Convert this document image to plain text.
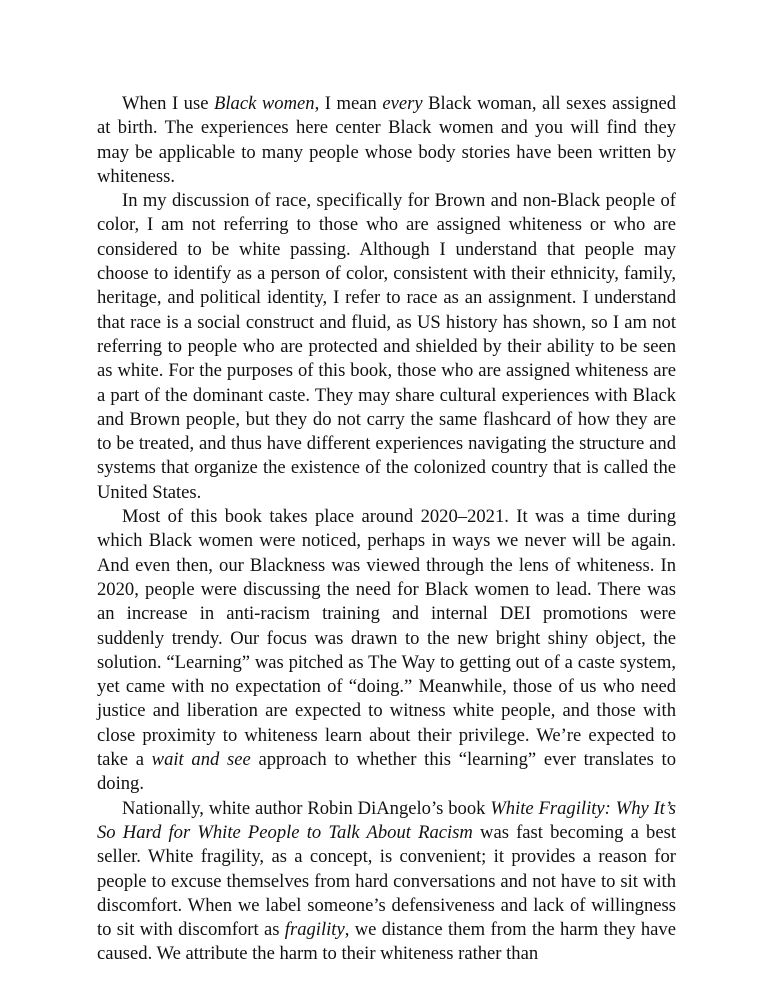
When I use Black women, I mean every Black woman, all sexes assigned at birth. The experiences here center Black women and you will find they may be applicable to many people whose body stories have been written by whiteness.

In my discussion of race, specifically for Brown and non-Black people of color, I am not referring to those who are assigned whiteness or who are considered to be white passing. Although I understand that people may choose to identify as a person of color, consistent with their ethnicity, family, heritage, and political identity, I refer to race as an assignment. I understand that race is a social construct and fluid, as US history has shown, so I am not referring to people who are protected and shielded by their ability to be seen as white. For the purposes of this book, those who are assigned whiteness are a part of the dominant caste. They may share cultural experiences with Black and Brown people, but they do not carry the same flashcard of how they are to be treated, and thus have different experiences navigating the structure and systems that organize the existence of the colonized country that is called the United States.

Most of this book takes place around 2020–2021. It was a time during which Black women were noticed, perhaps in ways we never will be again. And even then, our Blackness was viewed through the lens of whiteness. In 2020, people were discussing the need for Black women to lead. There was an increase in anti-racism training and internal DEI promotions were suddenly trendy. Our focus was drawn to the new bright shiny object, the solution. “Learning” was pitched as The Way to getting out of a caste system, yet came with no expectation of “doing.” Meanwhile, those of us who need justice and liberation are expected to witness white people, and those with close proximity to whiteness learn about their privilege. We’re expected to take a wait and see approach to whether this “learning” ever translates to doing.

Nationally, white author Robin DiAngelo’s book White Fragility: Why It’s So Hard for White People to Talk About Racism was fast becoming a best seller. White fragility, as a concept, is convenient; it provides a reason for people to excuse themselves from hard conversations and not have to sit with discomfort. When we label someone’s defensiveness and lack of willingness to sit with discomfort as fragility, we distance them from the harm they have caused. We attribute the harm to their whiteness rather than
